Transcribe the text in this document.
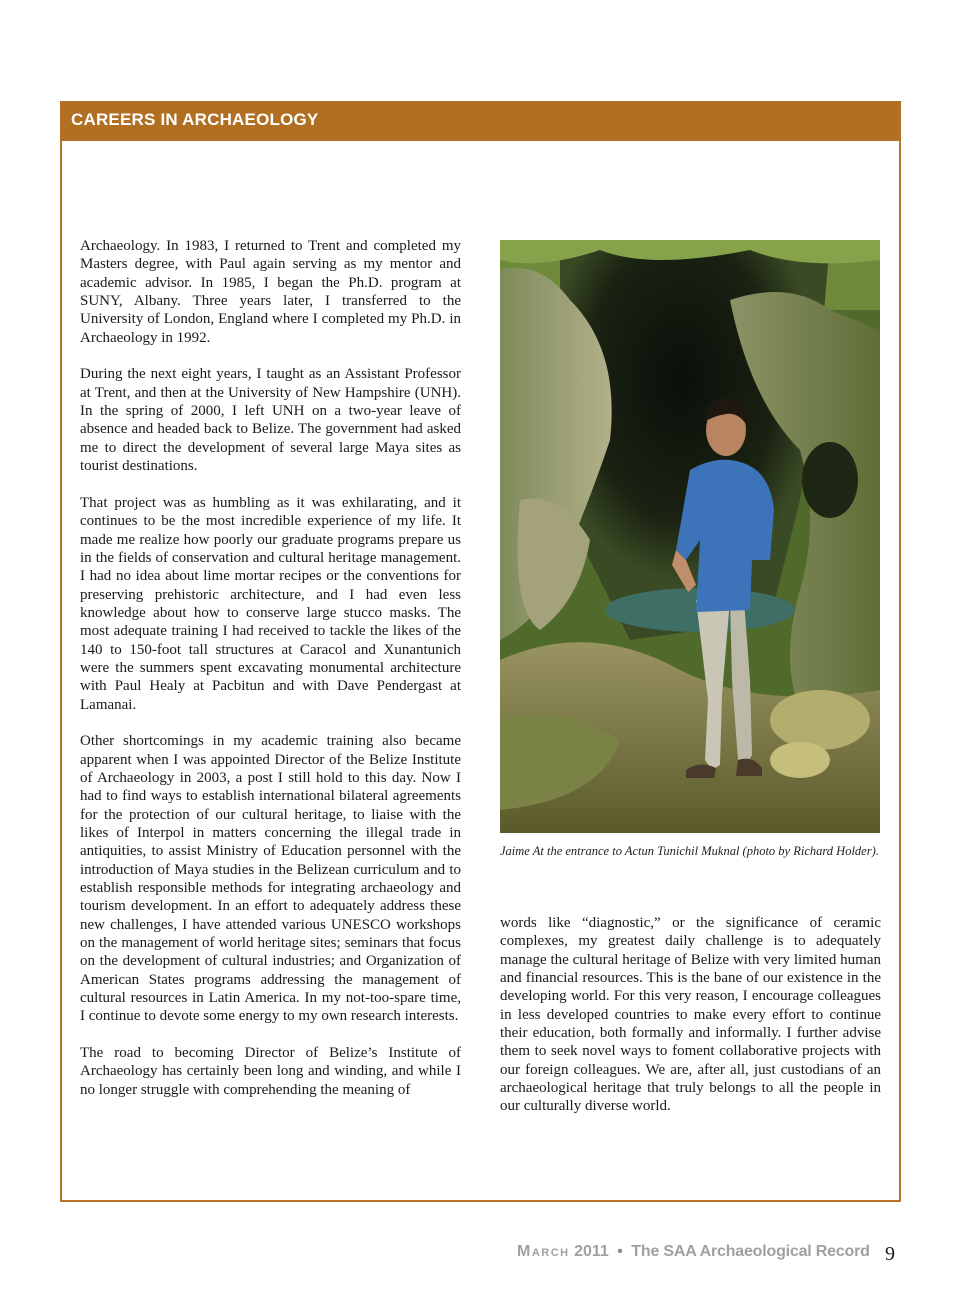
CAREERS IN ARCHAEOLOGY

Archaeology. In 1983, I returned to Trent and completed my Masters degree, with Paul again serving as my mentor and academic advisor. In 1985, I began the Ph.D. program at SUNY, Albany. Three years later, I transferred to the University of London, England where I completed my Ph.D. in Archaeology in 1992.

During the next eight years, I taught as an Assistant Professor at Trent, and then at the University of New Hampshire (UNH). In the spring of 2000, I left UNH on a two-year leave of absence and headed back to Belize. The government had asked me to direct the development of several large Maya sites as tourist destinations.

That project was as humbling as it was exhilarating, and it continues to be the most incredible experience of my life. It made me realize how poorly our graduate programs prepare us in the fields of conservation and cultural heritage management. I had no idea about lime mortar recipes or the conventions for preserving prehistoric architecture, and I had even less knowledge about how to conserve large stucco masks. The most adequate training I had received to tackle the likes of the 140 to 150-foot tall structures at Caracol and Xunantunich were the summers spent excavating monumental architecture with Paul Healy at Pacbitun and with Dave Pendergast at Lamanai.

Other shortcomings in my academic training also became apparent when I was appointed Director of the Belize Institute of Archaeology in 2003, a post I still hold to this day. Now I had to find ways to establish international bilateral agreements for the protection of our cultural heritage, to liaise with the likes of Interpol in matters concerning the illegal trade in antiquities, to assist Ministry of Education personnel with the introduction of Maya studies in the Belizean curriculum and to establish responsible methods for integrating archaeology and tourism development. In an effort to adequately address these new challenges, I have attended various UNESCO workshops on the management of world heritage sites; seminars that focus on the development of cultural industries; and Organization of American States programs addressing the management of cultural resources in Latin America. In my not-too-spare time, I continue to devote some energy to my own research interests.

The road to becoming Director of Belize’s Institute of Archaeology has certainly been long and winding, and while I no longer struggle with comprehending the meaning of

Jaime At the entrance to Actun Tunichil Muknal (photo by Richard Holder).

words like “diagnostic,” or the significance of ceramic complexes, my greatest daily challenge is to adequately manage the cultural heritage of Belize with very limited human and financial resources. This is the bane of our existence in the developing world. For this very reason, I encourage colleagues in less developed countries to make every effort to continue their education, both formally and informally. I further advise them to seek novel ways to foment collaborative projects with our foreign colleagues. We are, after all, just custodians of an archaeological heritage that truly belongs to all the people in our culturally diverse world.

March 2011 • The SAA Archaeological Record 9
